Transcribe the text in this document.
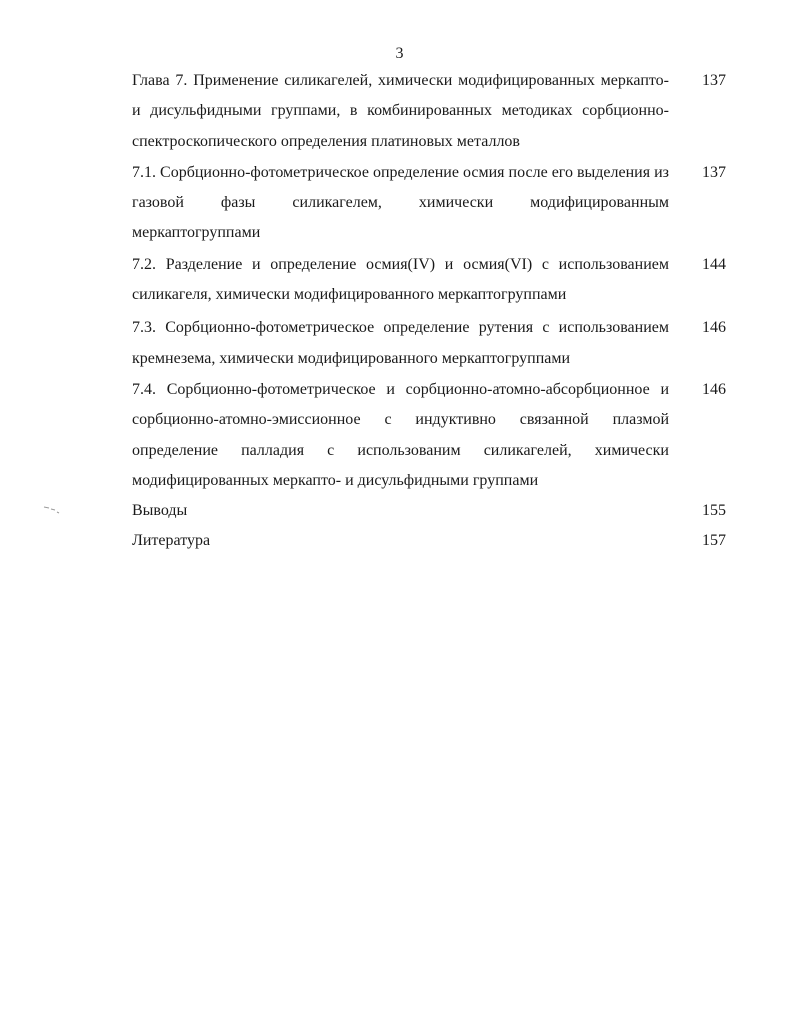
3
Глава 7. Применение силикагелей, химически модифицированных меркапто- и дисульфидными группами, в комбинированных методиках сорбционно-спектроскопического определения платиновых металлов
137
7.1. Сорбционно-фотометрическое определение осмия после его выделения из газовой фазы силикагелем, химически модифицированным меркаптогруппами
137
7.2. Разделение и определение осмия(IV) и осмия(VI) с использованием силикагеля, химически модифицированного меркаптогруппами
144
7.3. Сорбционно-фотометрическое определение рутения с использованием кремнезема, химически модифицированного меркаптогруппами
146
7.4. Сорбционно-фотометрическое и сорбционно-атомно-абсорбционное и сорбционно-атомно-эмиссионное с индуктивно связанной плазмой определение палладия с использованим силикагелей, химически модифицированных меркапто- и дисульфидными группами
146
Выводы	155
Литература	157
